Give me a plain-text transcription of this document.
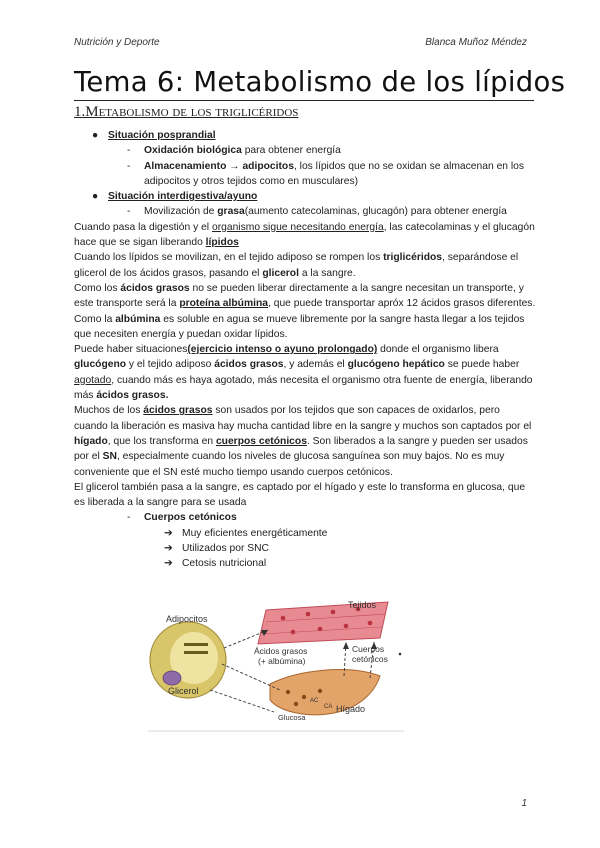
Nutrición y Deporte	Blanca Muñoz Méndez
Tema 6: Metabolismo de los lípidos
1.Metabolismo de los triglicéridos

● Situación posprandial

- Oxidación biológica para obtener energía

- Almacenamiento → adipocitos, los lípidos que no se oxidan se almacenan en los adipocitos y otros tejidos como en musculares)

● Situación interdigestiva/ayuno

- Movilización de grasa(aumento catecolaminas, glucagón) para obtener energía

Cuando pasa la digestión y el organismo sigue necesitando energía, las catecolaminas y el glucagón hace que se sigan liberando lípidos

Cuando los lípidos se movilizan, en el tejido adiposo se rompen los triglicéridos, separándose el glicerol de los ácidos grasos, pasando el glicerol a la sangre.

Como los ácidos grasos no se pueden liberar directamente a la sangre necesitan un transporte, y este transporte será la proteína albúmina, que puede transportar apróx 12 ácidos grasos diferentes. Como la albúmina es soluble en agua se mueve libremente por la sangre hasta llegar a los tejidos que necesiten energía y puedan oxidar lípidos.

Puede haber situaciones(ejercicio intenso o ayuno prolongado) donde el organismo libera glucógeno y el tejido adiposo ácidos grasos, y además el glucógeno hepático se puede haber agotado, cuando más es haya agotado, más necesita el organismo otra fuente de energía, liberando más ácidos grasos.

Muchos de los ácidos grasos son usados por los tejidos que son capaces de oxidarlos, pero cuando la liberación es masiva hay mucha cantidad libre en la sangre y muchos son captados por el hígado, que los transforma en cuerpos cetónicos. Son liberados a la sangre y pueden ser usados por el SN, especialmente cuando los niveles de glucosa sanguínea son muy bajos. No es muy conveniente que el SN esté mucho tiempo usando cuerpos cetónicos.

El glicerol también pasa a la sangre, es captado por el hígado y este lo transforma en glucosa, que es liberada a la sangre para se usada

- Cuerpos cetónicos

➔ Muy eficientes energéticamente

➔ Utilizados por SNC

➔ Cetosis nutricional

Adipocitos
Tejidos
Ácidos grasos
(+ albúmina)
Cuerpos
cetónicos
Glicerol
Hígado
Glucosa
AC
CA
1
